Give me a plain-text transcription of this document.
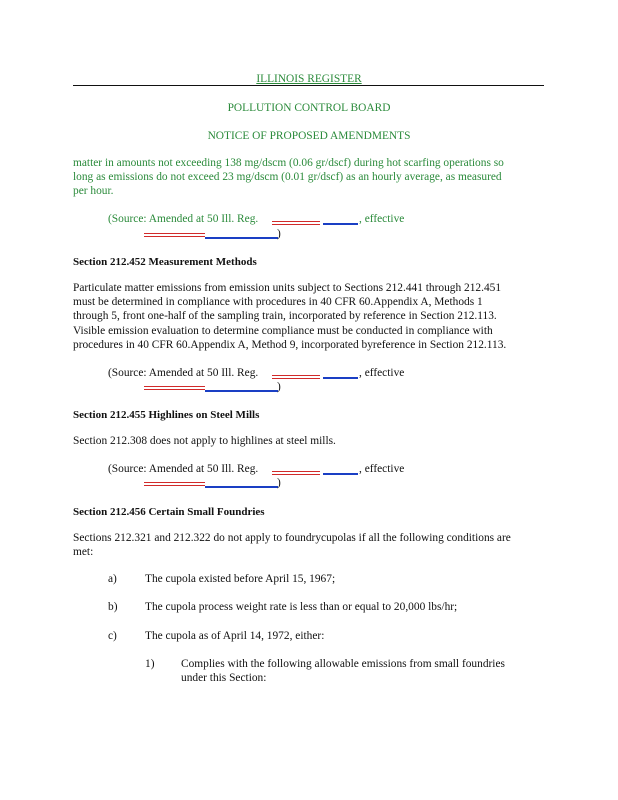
ILLINOIS REGISTER
POLLUTION CONTROL BOARD
NOTICE OF PROPOSED AMENDMENTS
matter in amounts not exceeding 138 mg/dscm (0.06 gr/dscf) during hot scarfing operations so
long as emissions do not exceed 23 mg/dscm (0.01 gr/dscf) as an hourly average, as measured
per hour.
(Source: Amended at 50 Ill. Reg.	, effective
)
Section 212.452 Measurement Methods
Particulate matter emissions from emission units subject to Sections 212.441 through 212.451
must be determined in compliance with procedures in 40 CFR 60.Appendix A, Methods 1
through 5, front one-half of the sampling train, incorporated by reference in Section 212.113.
Visible emission evaluation to determine compliance must be conducted in compliance with
procedures in 40 CFR 60.Appendix A, Method 9, incorporated byreference in Section 212.113.
(Source: Amended at 50 Ill. Reg.	, effective
)
Section 212.455 Highlines on Steel Mills
Section 212.308 does not apply to highlines at steel mills.
(Source: Amended at 50 Ill. Reg.	, effective
)
Section 212.456 Certain Small Foundries
Sections 212.321 and 212.322 do not apply to foundrycupolas if all the following conditions are
met:
a) The cupola existed before April 15, 1967;
b) The cupola process weight rate is less than or equal to 20,000 lbs/hr;
c) The cupola as of April 14, 1972, either:
1) Complies with the following allowable emissions from small foundries
under this Section:
